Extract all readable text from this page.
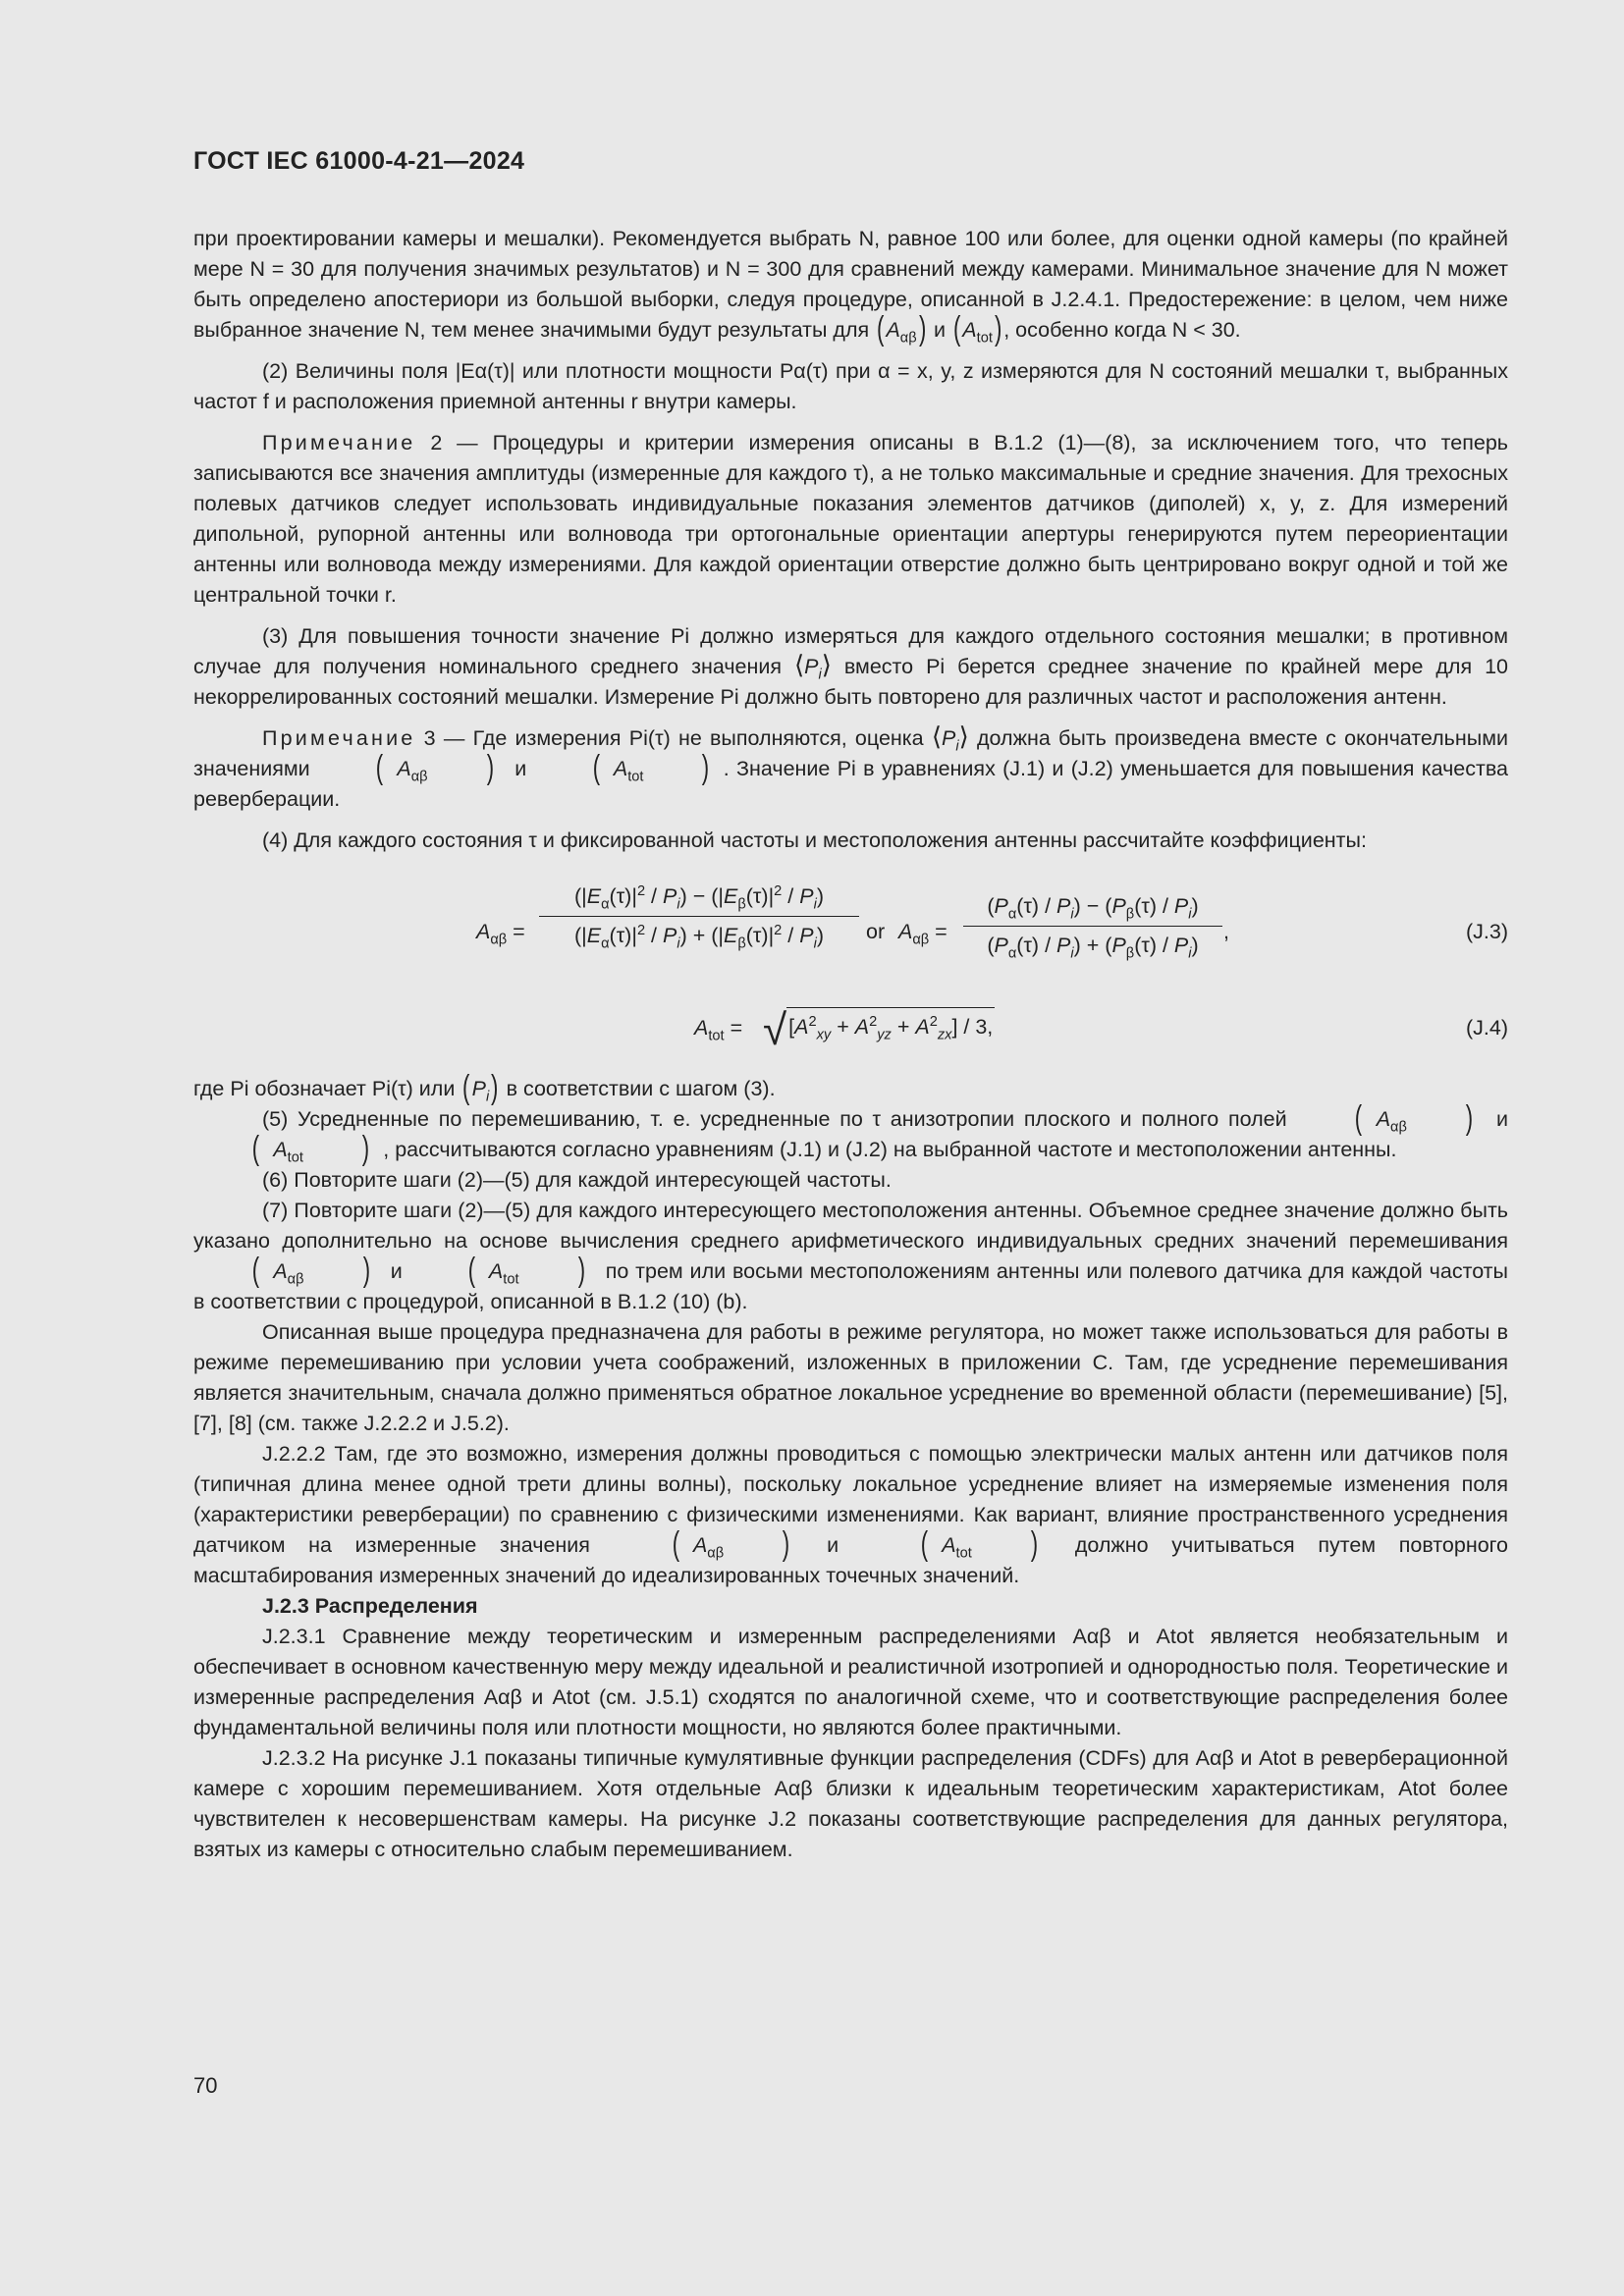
ГОСТ IEC 61000-4-21—2024

при проектировании камеры и мешалки). Рекомендуется выбрать N, равное 100 или более, для оценки одной камеры (по крайней мере N = 30 для получения значимых результатов) и N = 300 для сравнений между камерами. Минимальное значение для N может быть определено апостериори из большой выборки, следуя процедуре, описанной в J.2.4.1. Предостережение: в целом, чем ниже выбранное значение N, тем менее значимыми будут результаты для $(A_{\alpha\beta})$ и $(A_{tot})$, особенно когда N < 30.

(2) Величины поля |Eα(τ)| или плотности мощности Pα(τ) при α = x, y, z измеряются для N состояний мешалки τ, выбранных частот f и расположения приемной антенны r внутри камеры.

Примечание 2 — Процедуры и критерии измерения описаны в B.1.2 (1)—(8), за исключением того, что теперь записываются все значения амплитуды (измеренные для каждого τ), а не только максимальные и средние значения. Для трехосных полевых датчиков следует использовать индивидуальные показания элементов датчиков (диполей) x, y, z. Для измерений дипольной, рупорной антенны или волновода три ортогональные ориентации апертуры генерируются путем переориентации антенны или волновода между измерениями. Для каждой ориентации отверстие должно быть центрировано вокруг одной и той же центральной точки r.

(3) Для повышения точности значение Pi должно измеряться для каждого отдельного состояния мешалки; в противном случае для получения номинального среднего значения $⟨P_i⟩$ вместо Pi берется среднее значение по крайней мере для 10 некоррелированных состояний мешалки. Измерение Pi должно быть повторено для различных частот и расположения антенн.

Примечание 3 — Где измерения Pi(τ) не выполняются, оценка $⟨P_i⟩$ должна быть произведена вместе с окончательными значениями ( $A_{\alpha\beta}$ ) и ( $A_{tot}$ ) . Значение Pi в уравнениях (J.1) и (J.2) уменьшается для повышения качества реверберации.

(4) Для каждого состояния τ и фиксированной частоты и местоположения антенны рассчитайте коэффициенты:

$A_{\alpha\beta} = \frac{(|E_\alpha(\tau)|^2 / P_i) - (|E_\beta(\tau)|^2 / P_i)}{(|E_\alpha(\tau)|^2 / P_i) + (|E_\beta(\tau)|^2 / P_i)}$ or $A_{\alpha\beta} = \frac{(P_\alpha(\tau) / P_i) - (P_\beta(\tau) / P_i)}{(P_\alpha(\tau) / P_i) + (P_\beta(\tau) / P_i)}$ ,	(J.3)
$A_{tot} = √[A^2_{xy} + A^2_{yz} + A^2_{zx}] / 3$,	(J.4)

где Pi обозначает Pi(τ) или $(P_i)$ в соответствии с шагом (3).

(5) Усредненные по перемешиванию, т. е. усредненные по τ анизотропии плоского и полного полей ( $A_{\alpha\beta}$ ) и ( $A_{tot}$ ) , рассчитываются согласно уравнениям (J.1) и (J.2) на выбранной частоте и местоположении антенны.

(6) Повторите шаги (2)—(5) для каждой интересующей частоты.

(7) Повторите шаги (2)—(5) для каждого интересующего местоположения антенны. Объемное среднее значение должно быть указано дополнительно на основе вычисления среднего арифметического индивидуальных средних значений перемешивания ( $A_{\alpha\beta}$ ) и ( $A_{tot}$ ) по трем или восьми местоположениям антенны или полевого датчика для каждой частоты в соответствии с процедурой, описанной в B.1.2 (10) (b).

Описанная выше процедура предназначена для работы в режиме регулятора, но может также использоваться для работы в режиме перемешиванию при условии учета соображений, изложенных в приложении С. Там, где усреднение перемешивания является значительным, сначала должно применяться обратное локальное усреднение во временной области (перемешивание) [5], [7], [8] (см. также J.2.2.2 и J.5.2).

J.2.2.2 Там, где это возможно, измерения должны проводиться с помощью электрически малых антенн или датчиков поля (типичная длина менее одной трети длины волны), поскольку локальное усреднение влияет на измеряемые изменения поля (характеристики реверберации) по сравнению с физическими изменениями. Как вариант, влияние пространственного усреднения датчиком на измеренные значения ( $A_{\alpha\beta}$ ) и ( $A_{tot}$ ) должно учитываться путем повторного масштабирования измеренных значений до идеализированных точечных значений.

J.2.3 Распределения

J.2.3.1 Сравнение между теоретическим и измеренным распределениями Aαβ и Atot является необязательным и обеспечивает в основном качественную меру между идеальной и реалистичной изотропией и однородностью поля. Теоретические и измеренные распределения Aαβ и Atot (см. J.5.1) сходятся по аналогичной схеме, что и соответствующие распределения более фундаментальной величины поля или плотности мощности, но являются более практичными.

J.2.3.2 На рисунке J.1 показаны типичные кумулятивные функции распределения (CDFs) для Aαβ и Atot в реверберационной камере с хорошим перемешиванием. Хотя отдельные Aαβ близки к идеальным теоретическим характеристикам, Atot более чувствителен к несовершенствам камеры. На рисунке J.2 показаны соответствующие распределения для данных регулятора, взятых из камеры с относительно слабым перемешиванием.

70
